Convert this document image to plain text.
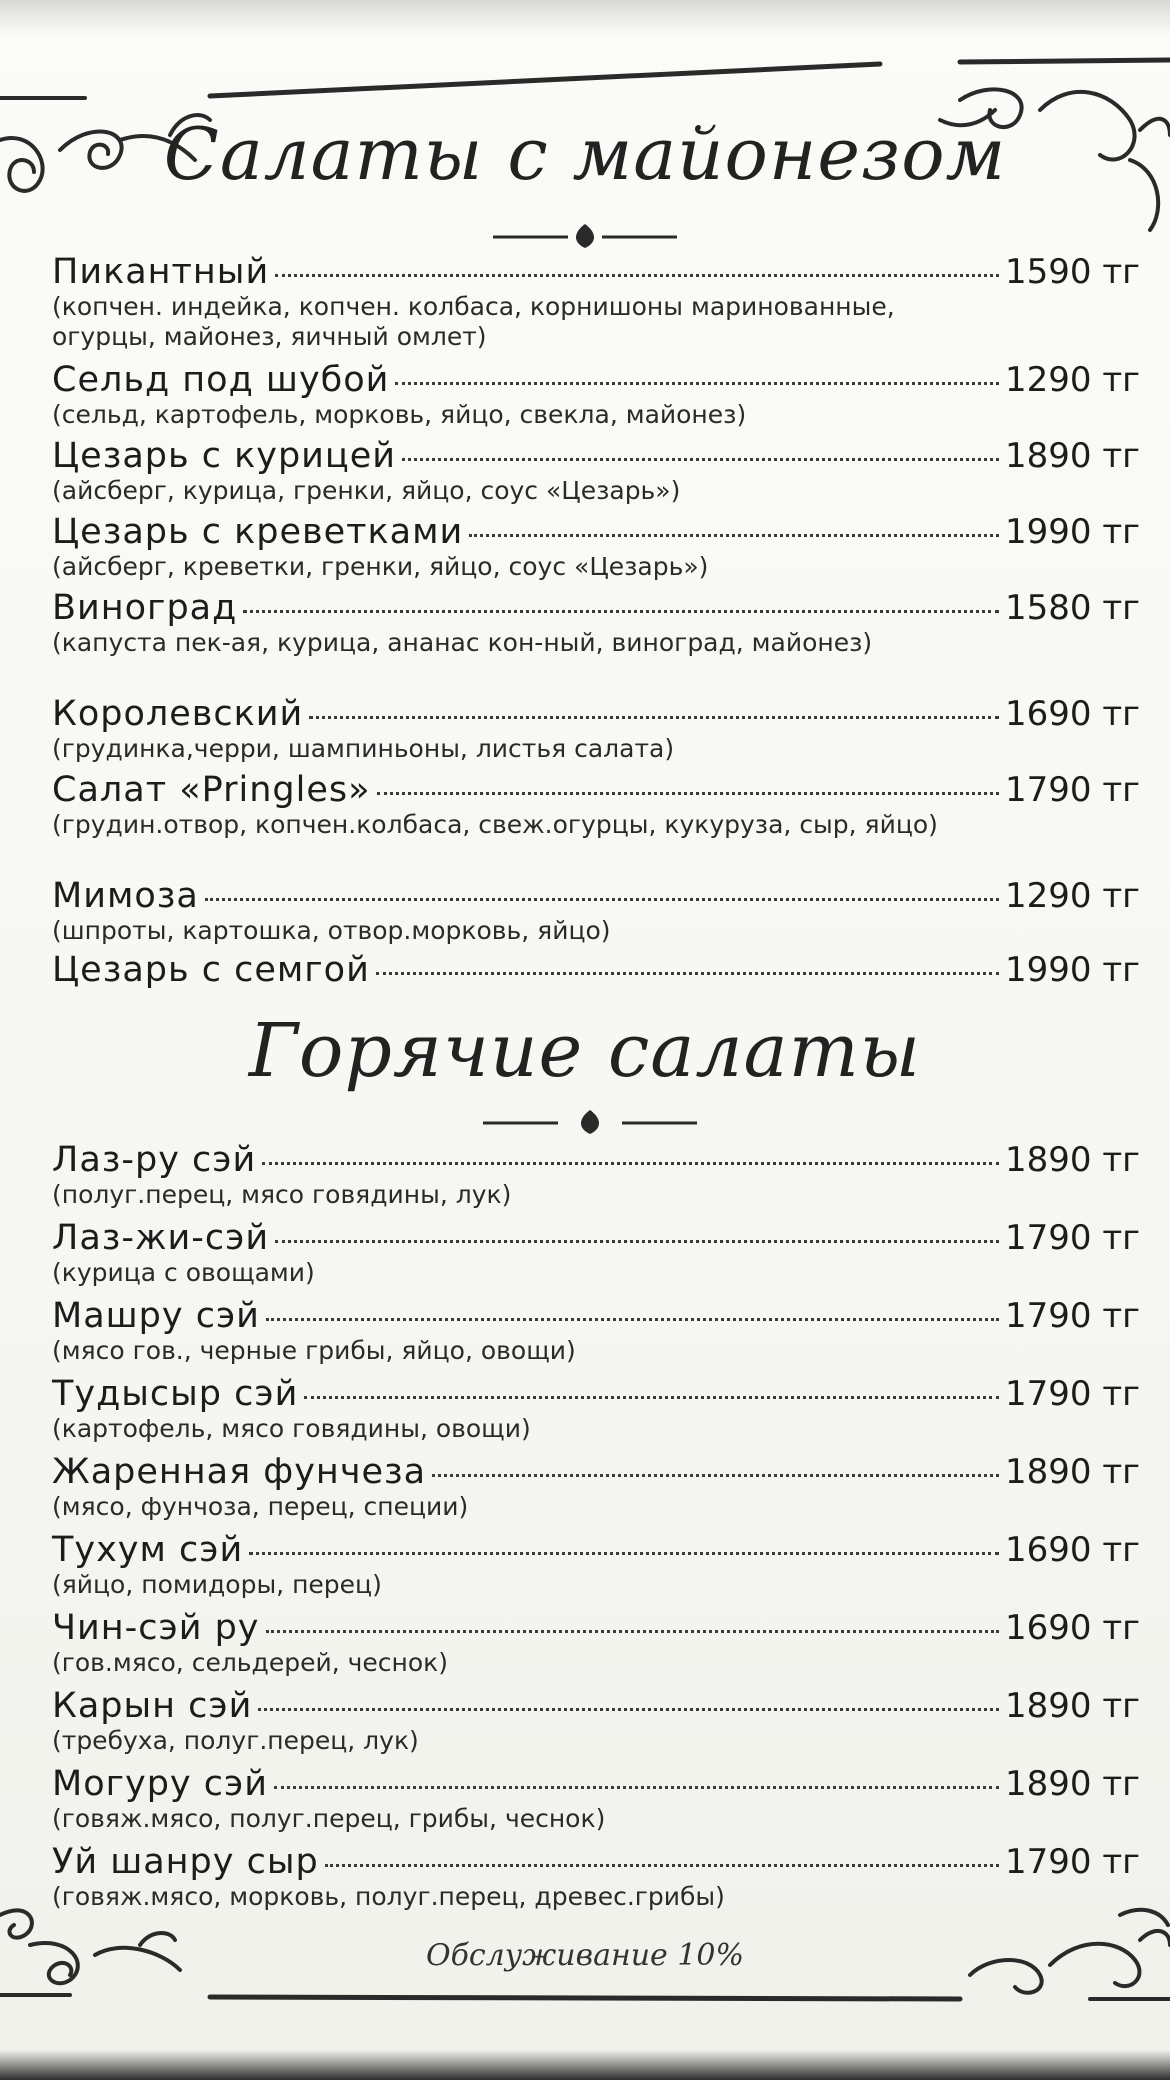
Салаты с майонезом
Пикантный	1590 тг
(копчен. индейка, копчен. колбаса, корнишоны маринованные, огурцы, майонез, яичный омлет)
Сельд под шубой	1290 тг
(сельд, картофель, морковь, яйцо, свекла, майонез)
Цезарь с курицей	1890 тг
(айсберг, курица, гренки, яйцо, соус «Цезарь»)
Цезарь с креветками	1990 тг
(айсберг, креветки, гренки, яйцо, соус «Цезарь»)
Виноград	1580 тг
(капуста пек-ая, курица, ананас кон-ный, виноград, майонез)
Королевский	1690 тг
(грудинка,черри, шампиньоны, листья салата)
Салат «Pringles»	1790 тг
(грудин.отвор, копчен.колбаса, свеж.огурцы, кукуруза, сыр, яйцо)
Мимоза	1290 тг
(шпроты, картошка, отвор.морковь, яйцо)
Цезарь с семгой	1990 тг
Горячие салаты
Лаз-ру сэй	1890 тг
(полуг.перец, мясо говядины, лук)
Лаз-жи-сэй	1790 тг
(курица с овощами)
Машру сэй	1790 тг
(мясо гов., черные грибы, яйцо, овощи)
Тудысыр сэй	1790 тг
(картофель, мясо говядины, овощи)
Жаренная фунчеза	1890 тг
(мясо, фунчоза, перец, специи)
Тухум сэй	1690 тг
(яйцо, помидоры, перец)
Чин-сэй ру	1690 тг
(гов.мясо, сельдерей, чеснок)
Карын сэй	1890 тг
(требуха, полуг.перец, лук)
Могуру сэй	1890 тг
(говяж.мясо, полуг.перец, грибы, чеснок)
Уй шанру сыр	1790 тг
(говяж.мясо, морковь, полуг.перец, древес.грибы)
Обслуживание 10%
